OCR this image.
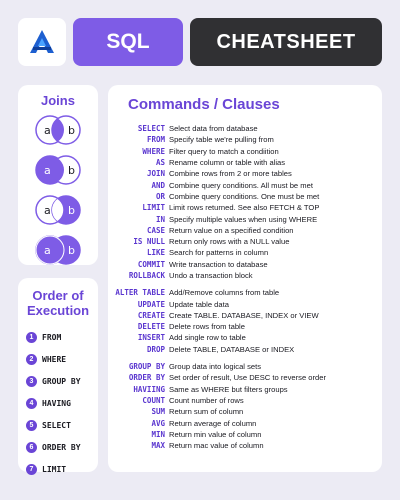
SQL	CHEATSHEET
Joins
a b
a b
a b
a b
Order of
Execution
1	FROM
2	WHERE
3	GROUP BY
4	HAVING
5	SELECT
6	ORDER BY
7	LIMIT
Commands / Clauses
SELECT Select data from database
FROM Specify table we're pulling from
WHERE Filter query to match a condiition
AS Rename column or table with alias
JOIN Combine rows from 2 or more tables
AND Combine query conditions. All must be met
OR Combine query conditions. One must be met
LIMIT Limit rows returned. See also FETCH & TOP
IN Specify multiple values when using WHERE
CASE Return value on a specified condition
IS NULL Return only rows with a NULL value
LIKE Search for patterns in column
COMMIT Write transaction to database
ROLLBACK Undo a transaction block
ALTER TABLE Add/Remove columns from table
UPDATE Update table data
CREATE Create TABLE. DATABASE, INDEX or VIEW
DELETE Delete rows from table
INSERT Add single row to table
DROP Delete TABLE, DATABASE or INDEX
GROUP BY Group data into logical sets
ORDER BY Set order of result, Use DESC to reverse order
HAVIING Same as WHERE but filters groups
COUNT Count number of rows
SUM Return sum of column
AVG Return average of column
MIN Return min value of column
MAX Return mac value of column
